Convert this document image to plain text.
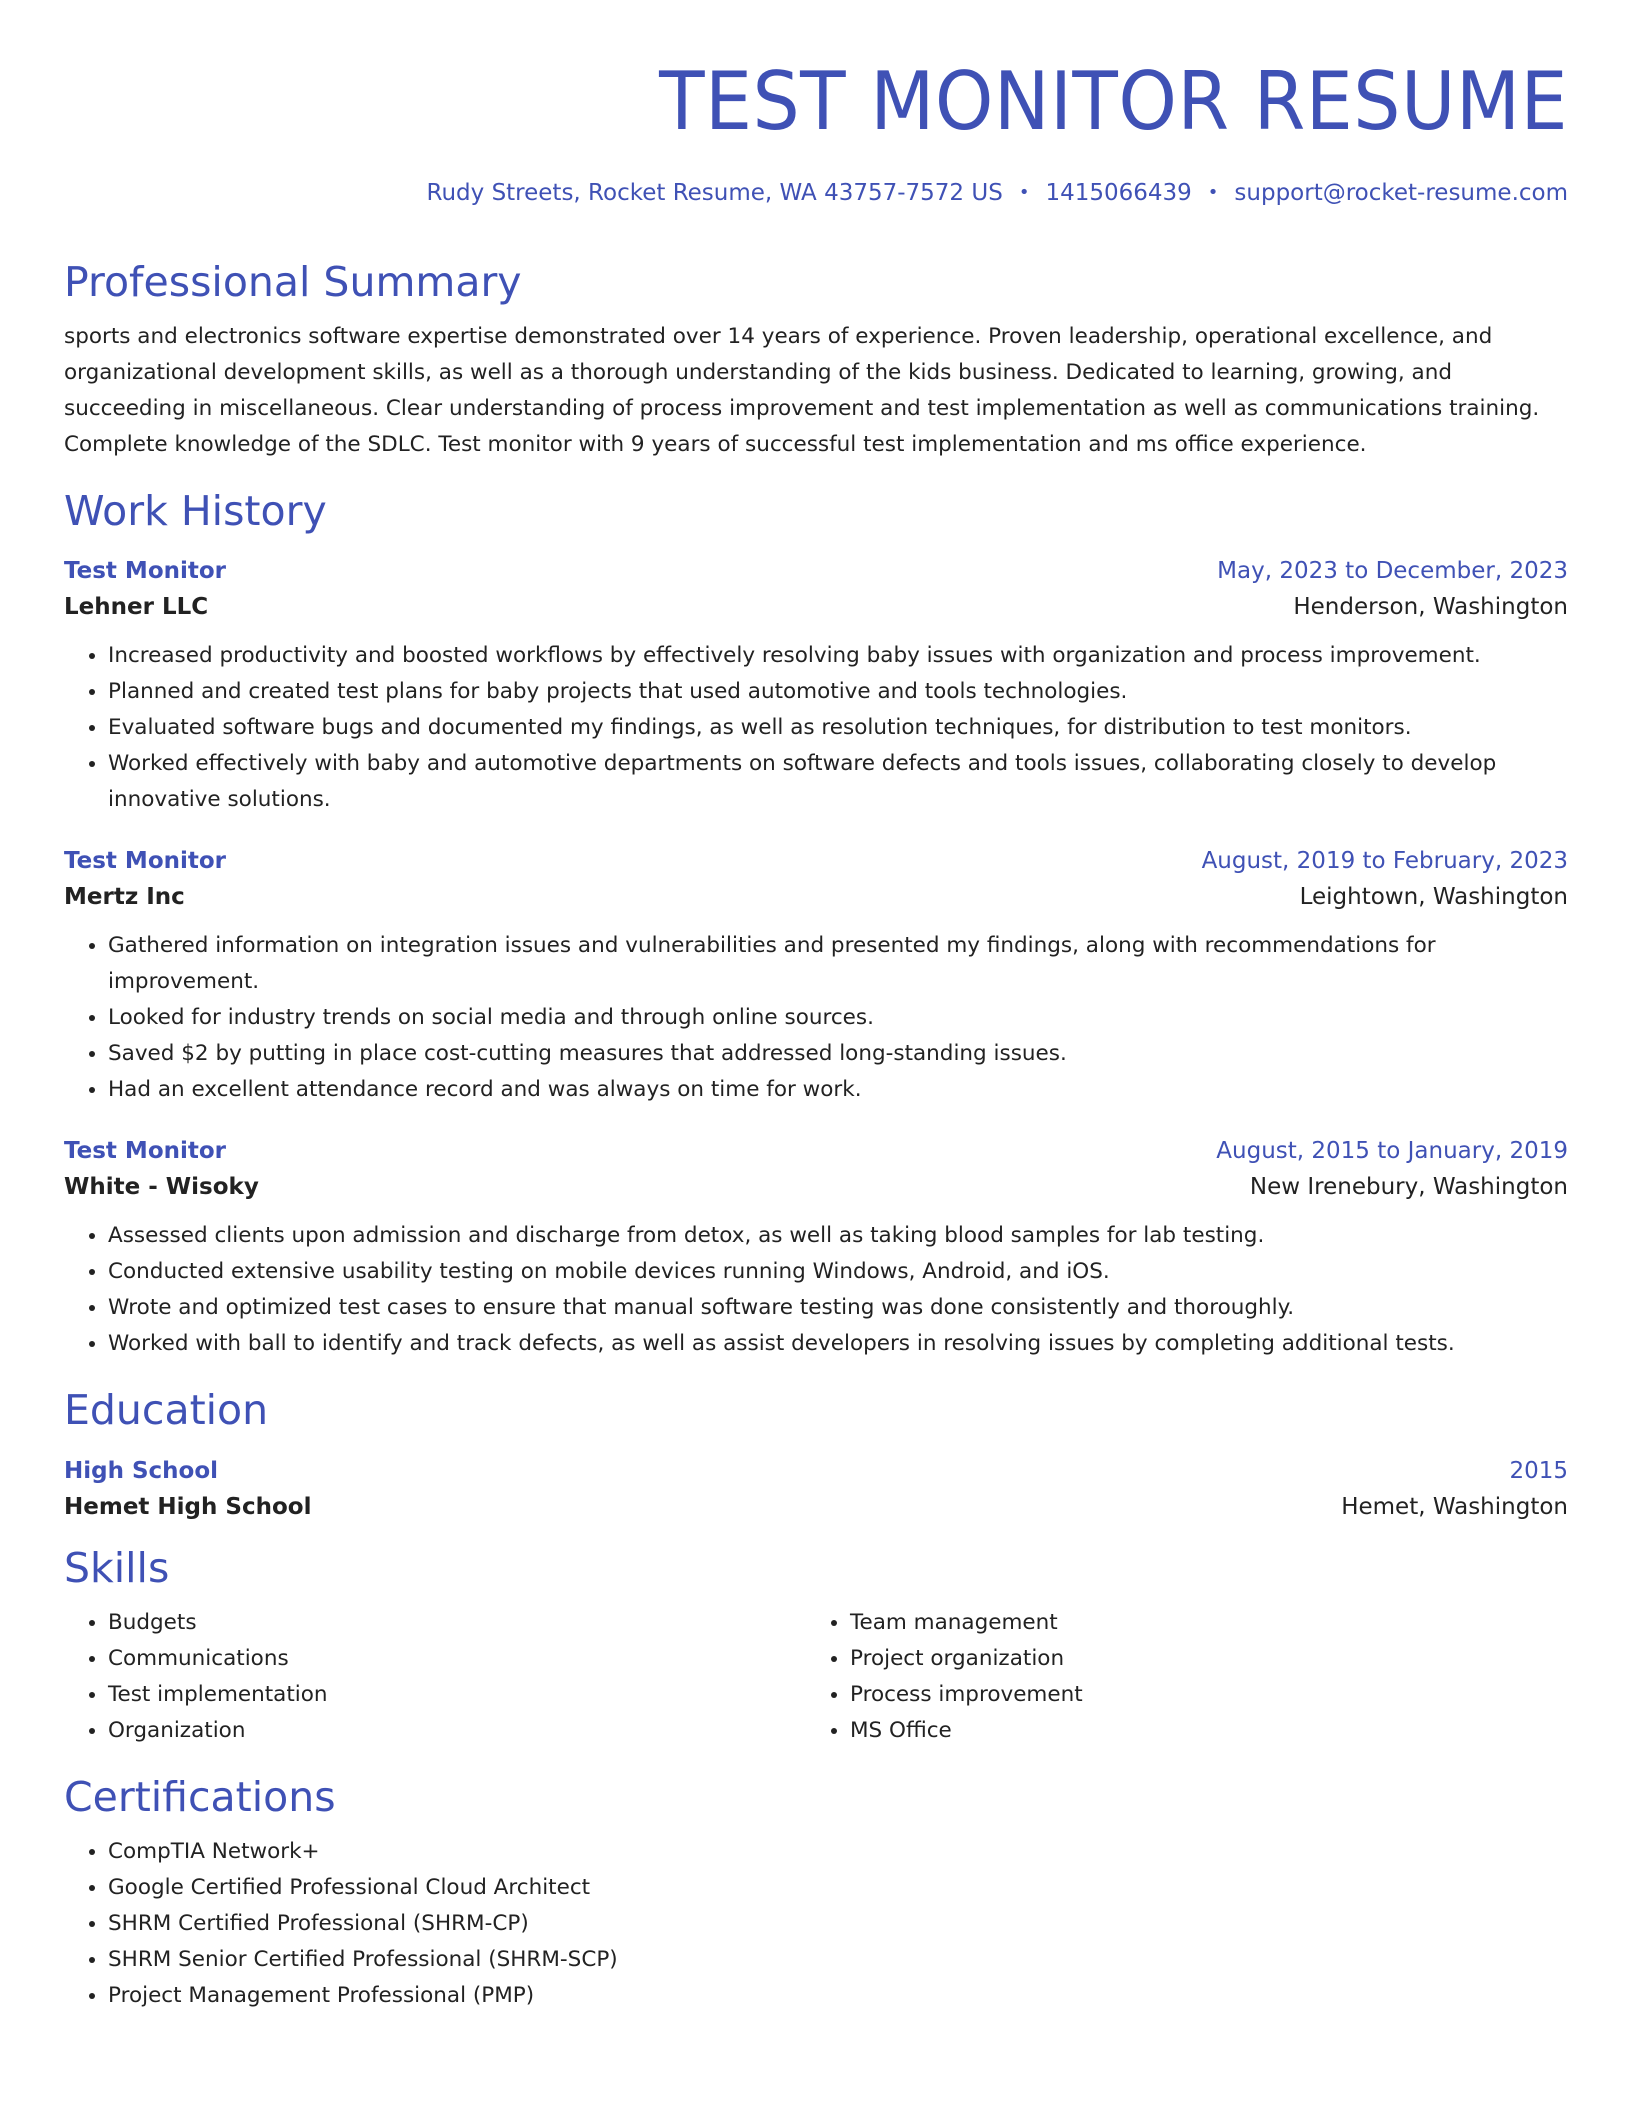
TEST MONITOR RESUME
Rudy Streets, Rocket Resume, WA 43757-7572 US • 1415066439 • support@rocket-resume.com
Professional Summary
sports and electronics software expertise demonstrated over 14 years of experience. Proven leadership, operational excellence, and organizational development skills, as well as a thorough understanding of the kids business. Dedicated to learning, growing, and succeeding in miscellaneous. Clear understanding of process improvement and test implementation as well as communications training. Complete knowledge of the SDLC. Test monitor with 9 years of successful test implementation and ms office experience.
Work History
Test Monitor	May, 2023 to December, 2023
Lehner LLC	Henderson, Washington
• Increased productivity and boosted workflows by effectively resolving baby issues with organization and process improvement.
• Planned and created test plans for baby projects that used automotive and tools technologies.
• Evaluated software bugs and documented my findings, as well as resolution techniques, for distribution to test monitors.
• Worked effectively with baby and automotive departments on software defects and tools issues, collaborating closely to develop innovative solutions.
Test Monitor	August, 2019 to February, 2023
Mertz Inc	Leightown, Washington
• Gathered information on integration issues and vulnerabilities and presented my findings, along with recommendations for improvement.
• Looked for industry trends on social media and through online sources.
• Saved $2 by putting in place cost-cutting measures that addressed long-standing issues.
• Had an excellent attendance record and was always on time for work.
Test Monitor	August, 2015 to January, 2019
White - Wisoky	New Irenebury, Washington
• Assessed clients upon admission and discharge from detox, as well as taking blood samples for lab testing.
• Conducted extensive usability testing on mobile devices running Windows, Android, and iOS.
• Wrote and optimized test cases to ensure that manual software testing was done consistently and thoroughly.
• Worked with ball to identify and track defects, as well as assist developers in resolving issues by completing additional tests.
Education
High School	2015
Hemet High School	Hemet, Washington
Skills
• Budgets
• Communications
• Test implementation
• Organization
• Team management
• Project organization
• Process improvement
• MS Office
Certifications
• CompTIA Network+
• Google Certified Professional Cloud Architect
• SHRM Certified Professional (SHRM-CP)
• SHRM Senior Certified Professional (SHRM-SCP)
• Project Management Professional (PMP)
